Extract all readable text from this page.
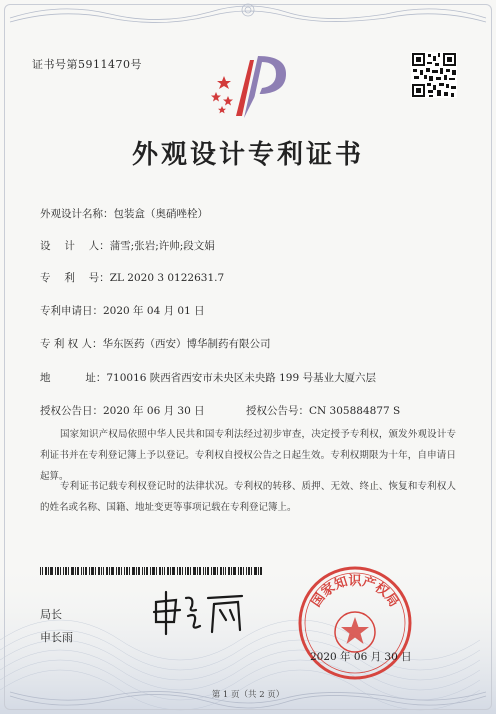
证书号第5911470号
外观设计专利证书
外观设计名称：包装盒（奥硝唑栓）
设　 计 　人：蒲雪;张岩;许帅;段文娟
专 　利 　号：ZL 2020 3 0122631.7
专利申请日：2020 年 04 月 01 日
专 利 权 人：华东医药（西安）博华制药有限公司
地 　　　址：710016 陕西省西安市未央区未央路 199 号基业大厦六层
授权公告日：2020 年 06 月 30 日	授权公告号：CN 305884877 S

国家知识产权局依照中华人民共和国专利法经过初步审查，决定授予专利权，颁发外观设计专利证书并在专利登记簿上予以登记。专利权自授权公告之日起生效。专利权期限为十年，自申请日起算。

专利证书记载专利权登记时的法律状况。专利权的转移、质押、无效、终止、恢复和专利权人的姓名或名称、国籍、地址变更等事项记载在专利登记簿上。

局长
申长雨
国家知识产权局
2020 年 06 月 30 日
第 1 页（共 2 页）
